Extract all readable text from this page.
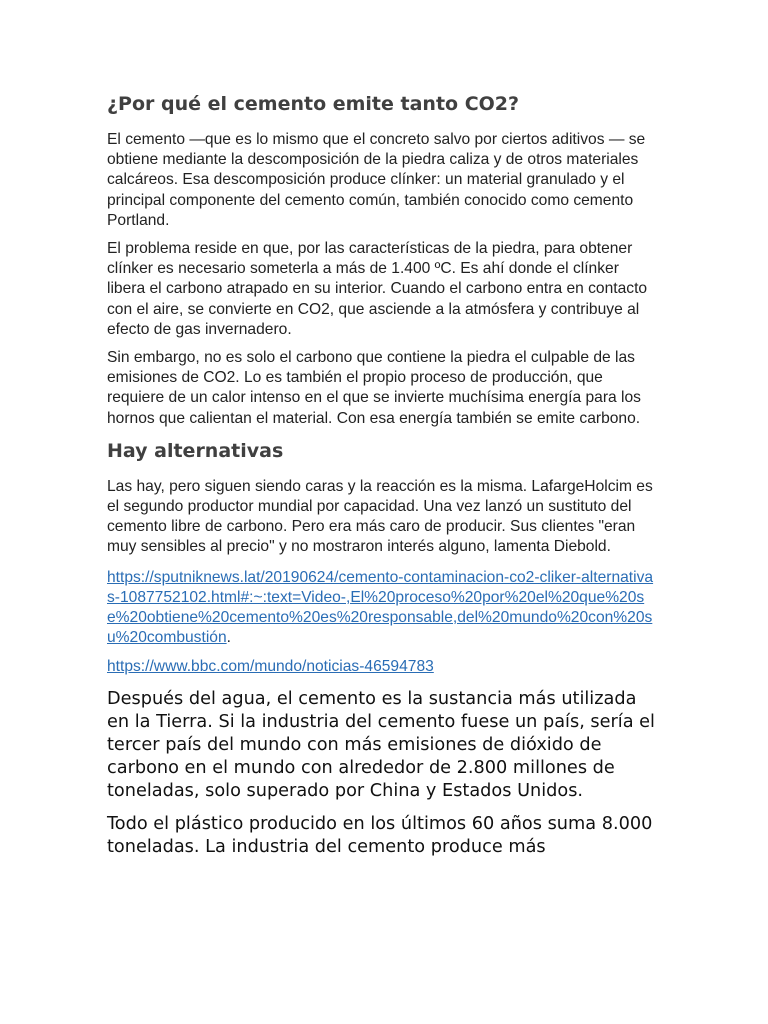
¿Por qué el cemento emite tanto CO2?

El cemento —que es lo mismo que el concreto salvo por ciertos aditivos — se obtiene mediante la descomposición de la piedra caliza y de otros materiales calcáreos. Esa descomposición produce clínker: un material granulado y el principal componente del cemento común, también conocido como cemento Portland.

El problema reside en que, por las características de la piedra, para obtener clínker es necesario someterla a más de 1.400 ºC. Es ahí donde el clínker libera el carbono atrapado en su interior. Cuando el carbono entra en contacto con el aire, se convierte en CO2, que asciende a la atmósfera y contribuye al efecto de gas invernadero.

Sin embargo, no es solo el carbono que contiene la piedra el culpable de las emisiones de CO2. Lo es también el propio proceso de producción, que requiere de un calor intenso en el que se invierte muchísima energía para los hornos que calientan el material. Con esa energía también se emite carbono.

Hay alternativas

Las hay, pero siguen siendo caras y la reacción es la misma. LafargeHolcim es el segundo productor mundial por capacidad. Una vez lanzó un sustituto del cemento libre de carbono. Pero era más caro de producir. Sus clientes "eran muy sensibles al precio" y no mostraron interés alguno, lamenta Diebold.

https://sputniknews.lat/20190624/cemento-contaminacion-co2-cliker-alternativas-1087752102.html#:~:text=Video-,El%20proceso%20por%20el%20que%20se%20obtiene%20cemento%20es%20responsable,del%20mundo%20con%20su%20combustión.

https://www.bbc.com/mundo/noticias-46594783

Después del agua, el cemento es la sustancia más utilizada en la Tierra. Si la industria del cemento fuese un país, sería el tercer país del mundo con más emisiones de dióxido de carbono en el mundo con alrededor de 2.800 millones de toneladas, solo superado por China y Estados Unidos.

Todo el plástico producido en los últimos 60 años suma 8.000 toneladas. La industria del cemento produce más
